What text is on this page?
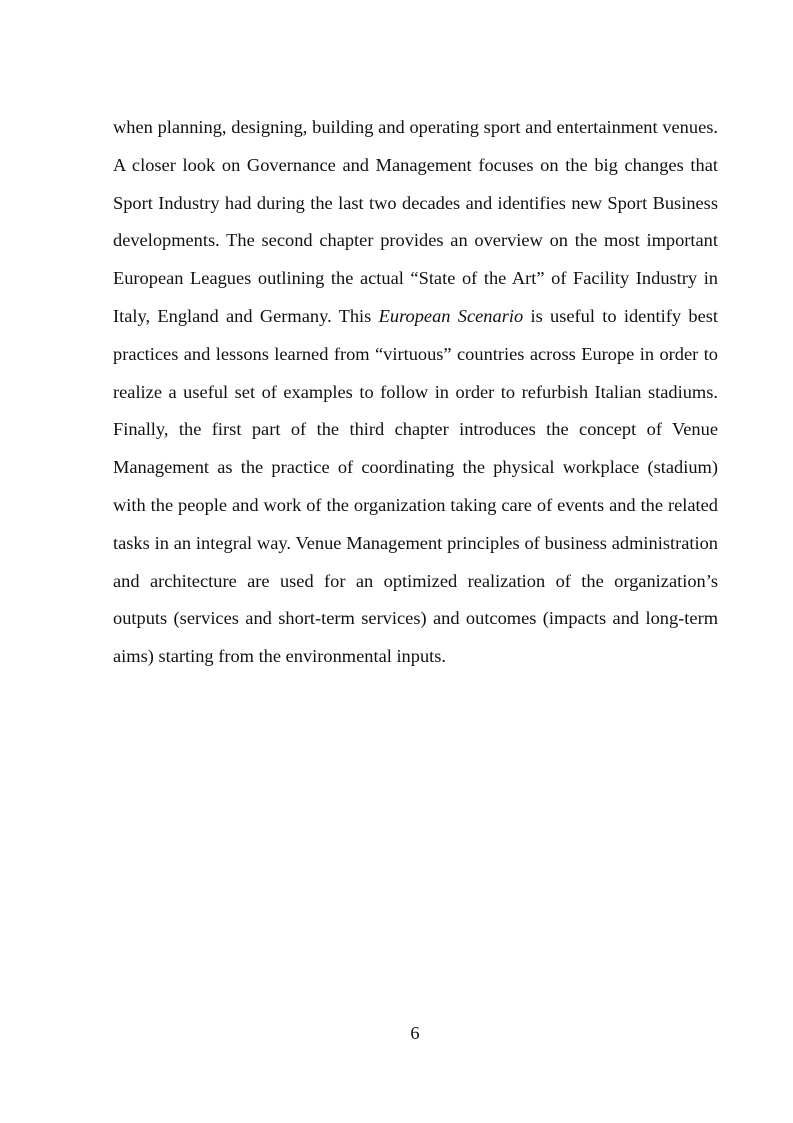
when planning, designing, building and operating sport and entertainment venues. A closer look on Governance and Management focuses on the big changes that Sport Industry had during the last two decades and identifies new Sport Business developments. The second chapter provides an overview on the most important European Leagues outlining the actual “State of the Art” of Facility Industry in Italy, England and Germany. This European Scenario is useful to identify best practices and lessons learned from “virtuous” countries across Europe in order to realize a useful set of examples to follow in order to refurbish Italian stadiums. Finally, the first part of the third chapter introduces the concept of Venue Management as the practice of coordinating the physical workplace (stadium) with the people and work of the organization taking care of events and the related tasks in an integral way. Venue Management principles of business administration and architecture are used for an optimized realization of the organization’s outputs (services and short-term services) and outcomes (impacts and long-term aims) starting from the environmental inputs.

6
